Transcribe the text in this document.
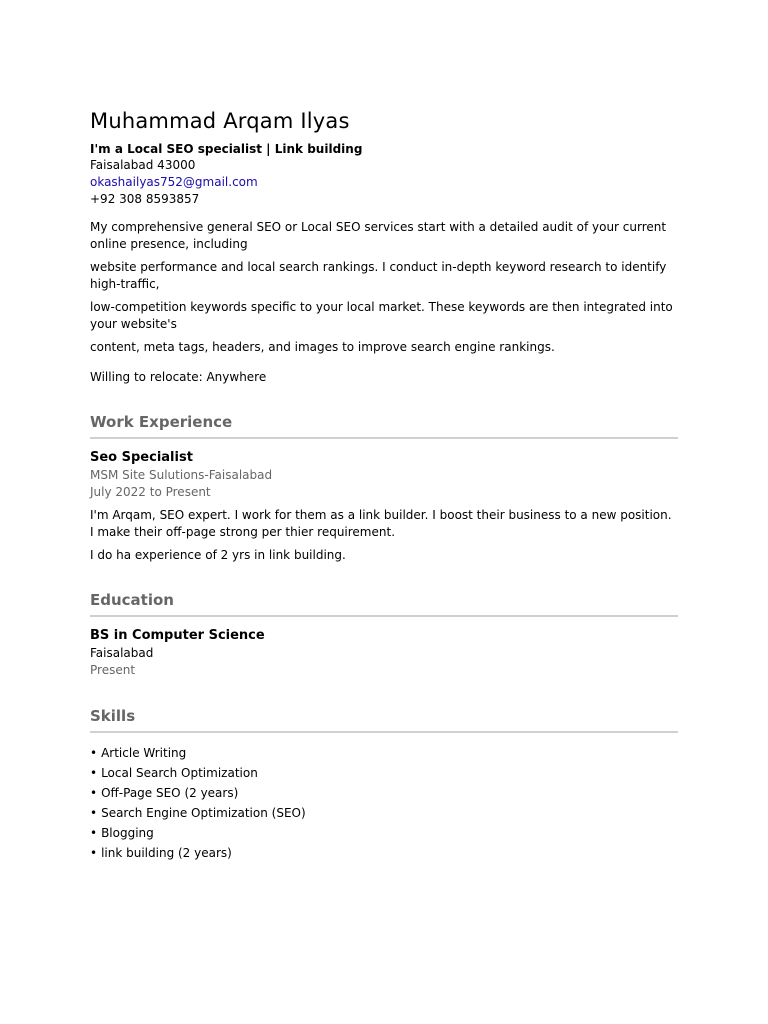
Muhammad Arqam Ilyas
I'm a Local SEO specialist | Link building
Faisalabad 43000
okashailyas752@gmail.com
+92 308 8593857

My comprehensive general SEO or Local SEO services start with a detailed audit of your current online presence, including

website performance and local search rankings. I conduct in-depth keyword research to identify high-traffic,

low-competition keywords specific to your local market. These keywords are then integrated into your website's

content, meta tags, headers, and images to improve search engine rankings.

Willing to relocate: Anywhere
Work Experience
Seo Specialist
MSM Site Sulutions-Faisalabad
July 2022 to Present

I'm Arqam, SEO expert. I work for them as a link builder. I boost their business to a new position. I make their off-page strong per thier requirement.

I do ha experience of 2 yrs in link building.

Education
BS in Computer Science
Faisalabad
Present
Skills
• Article Writing
• Local Search Optimization
• Off-Page SEO (2 years)
• Search Engine Optimization (SEO)
• Blogging
• link building (2 years)
